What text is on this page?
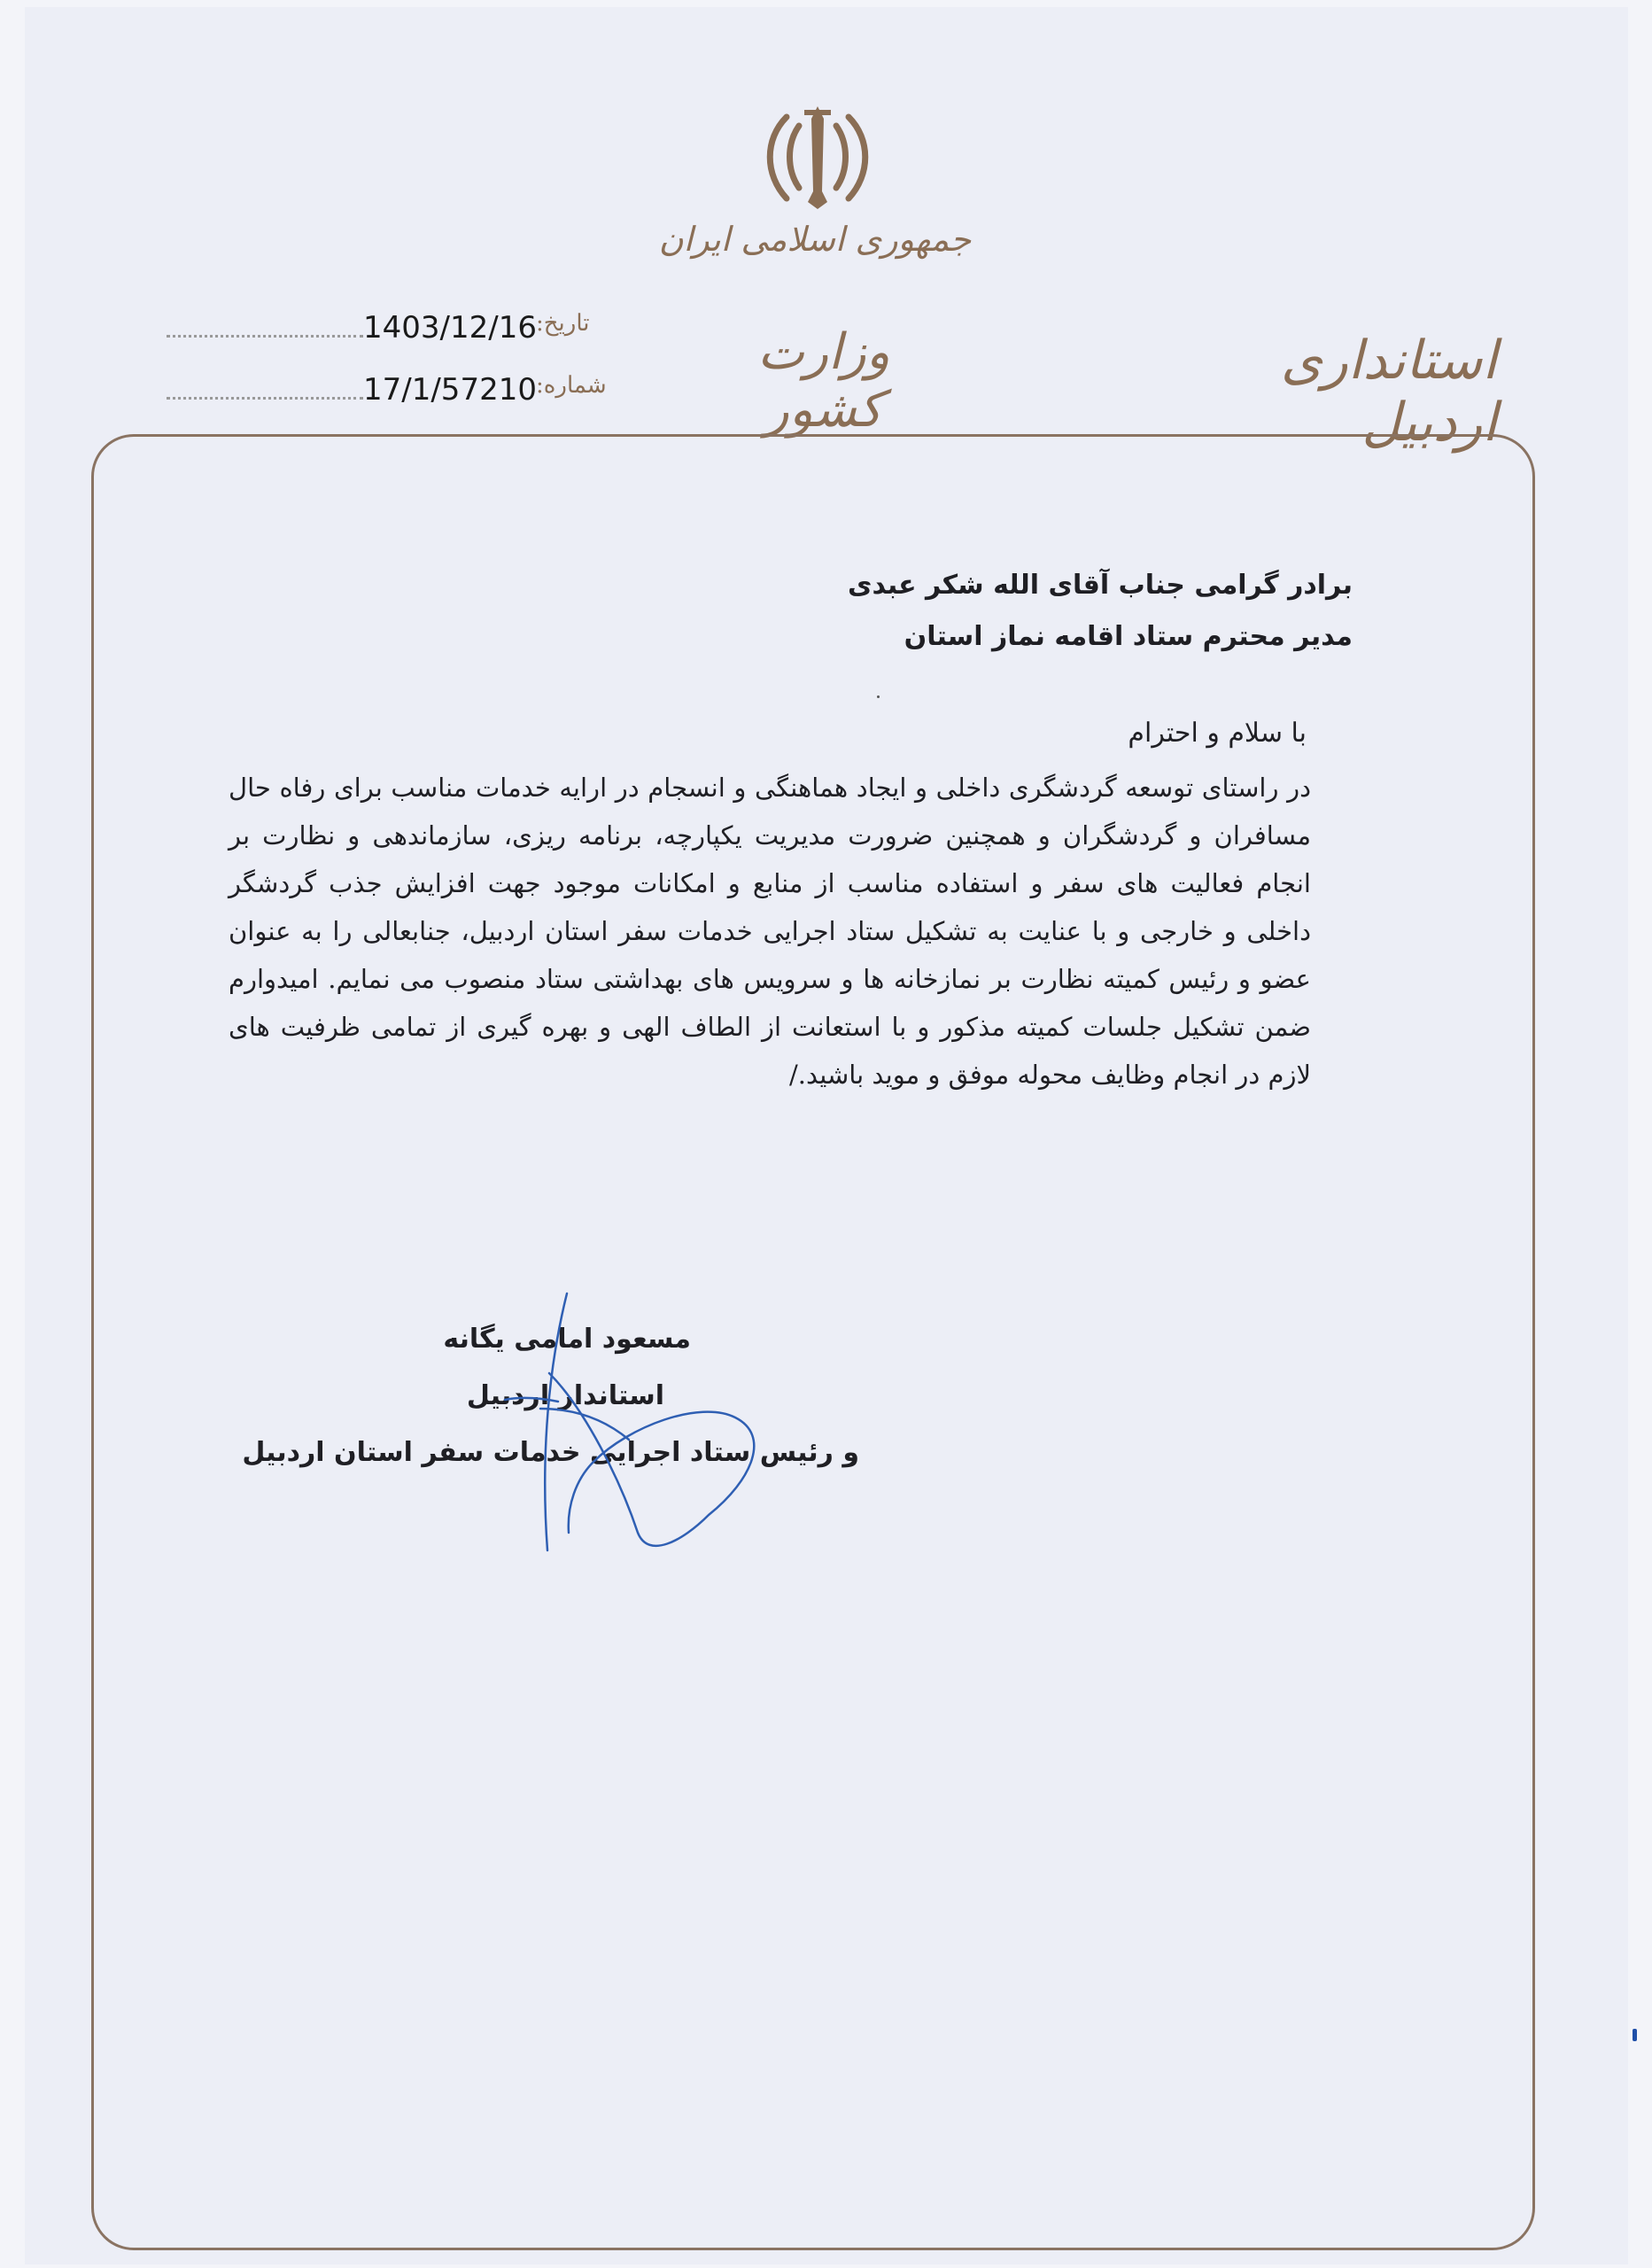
جمهوری اسلامی ایران
وزارت کشور
استانداری اردبیل
1403/12/16 تاریخ:
17/1/57210 شماره:
برادر گرامی جناب آقای الله شکر عبدی
مدیر محترم ستاد اقامه نماز استان
با سلام و احترام
در راستای توسعه گردشگری داخلی و ایجاد هماهنگی و انسجام در ارایه خدمات مناسب برای رفاه حال مسافران و گردشگران و همچنین ضرورت مدیریت یکپارچه، برنامه ریزی، سازماندهی و نظارت بر انجام فعالیت های سفر و استفاده مناسب از منابع و امکانات موجود جهت افزایش جذب گردشگر داخلی و خارجی و با عنایت به تشکیل ستاد اجرایی خدمات سفر استان اردبیل، جنابعالی را به عنوان عضو و رئیس کمیته نظارت بر نمازخانه ها و سرویس های بهداشتی ستاد منصوب می نمایم. امیدوارم ضمن تشکیل جلسات کمیته مذکور و با استعانت از الطاف الهی و بهره گیری از تمامی ظرفیت های لازم در انجام وظایف محوله موفق و موید باشید./
مسعود امامی یگانه
استاندار اردبیل
و رئیس ستاد اجرایی خدمات سفر استان اردبیل
